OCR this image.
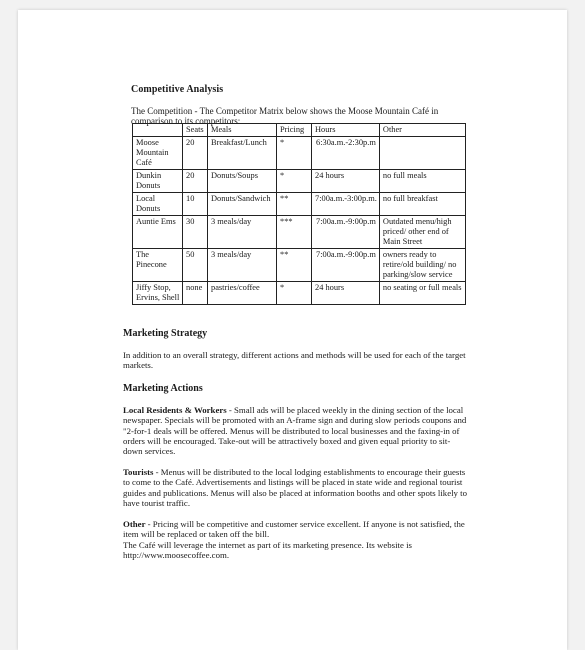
Competitive Analysis
The Competition - The Competitor Matrix below shows the Moose Mountain Café in comparison to its competitors:
	Seats	Meals	Pricing	Hours	Other
Moose Mountain Café	20	Breakfast/Lunch	*	6:30a.m.-2:30p.m	
Dunkin Donuts	20	Donuts/Soups	*	24 hours	no full meals
Local Donuts	10	Donuts/Sandwich	**	7:00a.m.-3:00p.m.	no full breakfast
Auntie Ems	30	3 meals/day	***	7:00a.m.-9:00p.m	Outdated menu/high priced/ other end of Main Street
The Pinecone	50	3 meals/day	**	7:00a.m.-9:00p.m	owners ready to retire/old building/ no parking/slow service
Jiffy Stop, Ervins, Shell	none	pastries/coffee	*	24 hours	no seating or full meals
Marketing Strategy
In addition to an overall strategy, different actions and methods will be used for each of the target markets.
Marketing Actions
Local Residents & Workers - Small ads will be placed weekly in the dining section of the local newspaper. Specials will be promoted with an A-frame sign and during slow periods coupons and "2-for-1 deals will be offered. Menus will be distributed to local businesses and the faxing-in of orders will be encouraged. Take-out will be attractively boxed and given equal priority to sit-down services.
Tourists - Menus will be distributed to the local lodging establishments to encourage their guests to come to the Café. Advertisements and listings will be placed in state wide and regional tourist guides and publications. Menus will also be placed at information booths and other spots likely to have tourist traffic.
Other - Pricing will be competitive and customer service excellent. If anyone is not satisfied, the item will be replaced or taken off the bill.
The Café will leverage the internet as part of its marketing presence. Its website is
http://www.moosecoffee.com.
